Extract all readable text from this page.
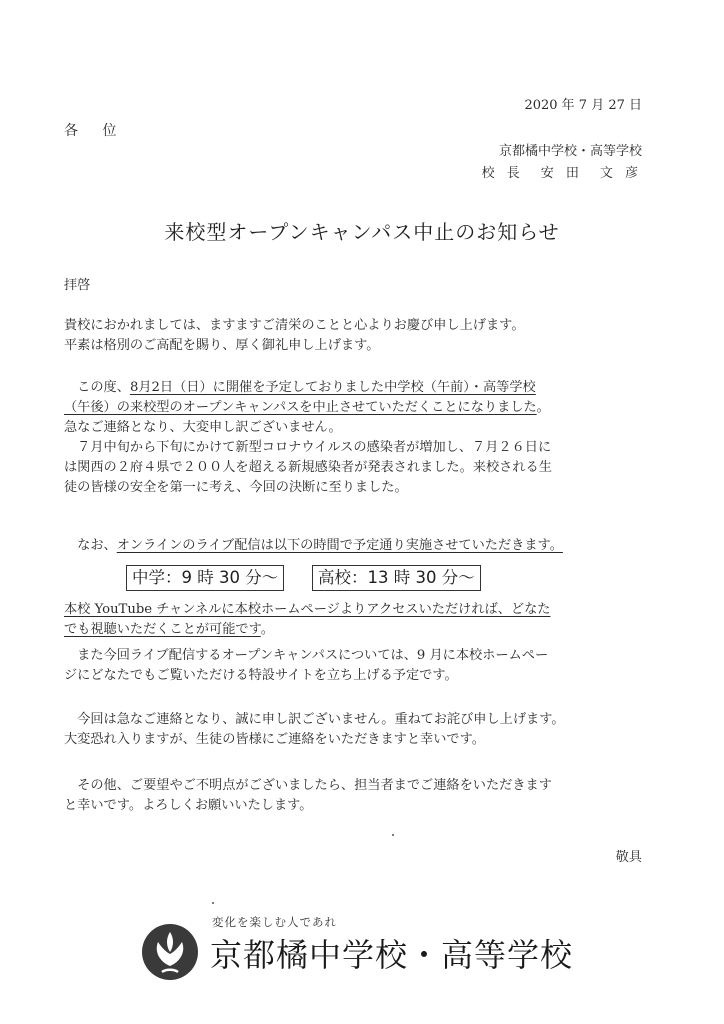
2020 年 7 月 27 日
各 位
京都橘中学校・高等学校
校 長　安 田　文 彦
来校型オープンキャンパス中止のお知らせ

拝啓

貴校におかれましては、ますますご清栄のことと心よりお慶び申し上げます。
平素は格別のご高配を賜り、厚く御礼申し上げます。
　この度、8月2日（日）に開催を予定しておりました中学校（午前）・高等学校
（午後）の来校型のオープンキャンパスを中止させていただくことになりました。
急なご連絡となり、大変申し訳ございません。
　７月中旬から下旬にかけて新型コロナウイルスの感染者が増加し、７月２６日に
は関西の２府４県で２００人を超える新規感染者が発表されました。来校される生
徒の皆様の安全を第一に考え、今回の決断に至りました。
　なお、オンラインのライブ配信は以下の時間で予定通り実施させていただきます。
中学：9 時 30 分〜	高校：13 時 30 分〜
本校 YouTube チャンネルに本校ホームページよりアクセスいただければ、どなた
でも視聴いただくことが可能です。
　また今回ライブ配信するオープンキャンパスについては、9 月に本校ホームペー
ジにどなたでもご覧いただける特設サイトを立ち上げる予定です。
　今回は急なご連絡となり、誠に申し訳ございません。重ねてお詫び申し上げます。
大変恐れ入りますが、生徒の皆様にご連絡をいただきますと幸いです。
　その他、ご要望やご不明点がございましたら、担当者までご連絡をいただきます
と幸いです。よろしくお願いいたします。
敬具
変化を楽しむ人であれ
京都橘中学校・高等学校
